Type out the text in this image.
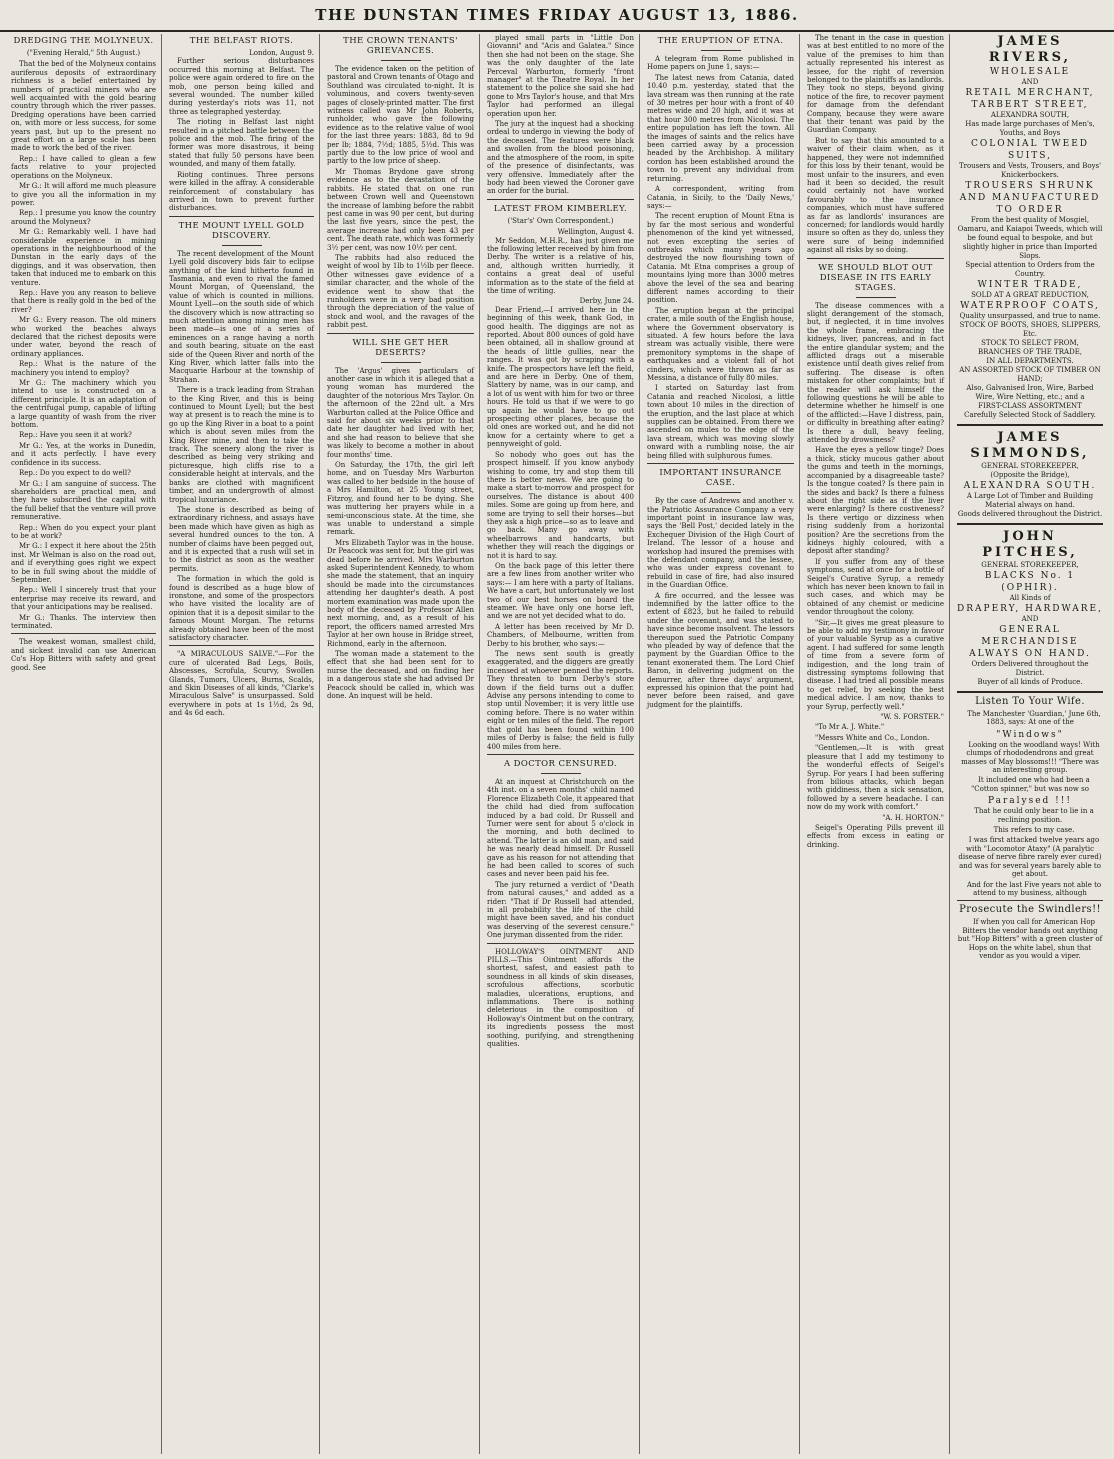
THE DUNSTAN TIMES FRIDAY AUGUST 13, 1886.
DREDGING THE MOLYNEUX.
("Evening Herald," 5th August.)

That the bed of the Molyneux contains auriferous deposits of extraordinary richness is a belief entertained by numbers of practical miners who are well acquainted with the gold bearing country through which the river passes. Dredging operations have been carried on, with more or less success, for some years past, but up to the present no great effort on a large scale has been made to work the bed of the river.

Rep.: I have called to glean a few facts relative to your projected operations on the Molyneux.

Mr G.: It will afford me much pleasure to give you all the information in my power.

Rep.: I presume you know the country around the Molyneux?

Mr G.: Remarkably well. I have had considerable experience in mining operations in the neighbourhood of the Dunstan in the early days of the diggings, and it was observation, then taken that induced me to embark on this venture.

Rep.: Have you any reason to believe that there is really gold in the bed of the river?

Mr G.: Every reason. The old miners who worked the beaches always declared that the richest deposits were under water, beyond the reach of ordinary appliances.

Rep.: What is the nature of the machinery you intend to employ?

Mr G.: The machinery which you intend to use is constructed on a different principle. It is an adaptation of the centrifugal pump, capable of lifting a large quantity of wash from the river bottom.

Rep.: Have you seen it at work?

Mr G.: Yes, at the works in Dunedin, and it acts perfectly. I have every confidence in its success.

Rep.: Do you expect to do well?

Mr G.: I am sanguine of success. The shareholders are practical men, and they have subscribed the capital with the full belief that the venture will prove remunerative.

Rep.: When do you expect your plant to be at work?

Mr G.: I expect it here about the 25th inst. Mr Welman is also on the road out, and if everything goes right we expect to be in full swing about the middle of September.

Rep.: Well I sincerely trust that your enterprise may receive its reward, and that your anticipations may be realised.

Mr G.: Thanks. The interview then terminated.

The weakest woman, smallest child, and sickest invalid can use American Co's Hop Bitters with safety and great good. See

THE BELFAST RIOTS.
London, August 9.

Further serious disturbances occurred this morning at Belfast. The police were again ordered to fire on the mob, one person being killed and several wounded. The number killed during yesterday's riots was 11, not three as telegraphed yesterday.

The rioting in Belfast last night resulted in a pitched battle between the police and the mob. The firing of the former was more disastrous, it being stated that fully 50 persons have been wounded, and many of them fatally.

Rioting continues. Three persons were killed in the affray. A considerable reinforcement of constabulary has arrived in town to prevent further disturbances.

THE MOUNT LYELL GOLD DISCOVERY.

The recent development of the Mount Lyell gold discovery bids fair to eclipse anything of the kind hitherto found in Tasmania, and even to rival the famed Mount Morgan, of Queensland, the value of which is counted in millions. Mount Lyell—on the south side of which the discovery which is now attracting so much attention among mining men has been made—is one of a series of eminences on a range having a north and south bearing, situate on the east side of the Queen River and north of the King River, which latter falls into the Macquarie Harbour at the township of Strahan.

There is a track leading from Strahan to the King River, and this is being continued to Mount Lyell; but the best way at present is to reach the mine is to go up the King River in a boat to a point which is about seven miles from the King River mine, and then to take the track. The scenery along the river is described as being very striking and picturesque, high cliffs rise to a considerable height at intervals, and the banks are clothed with magnificent timber, and an undergrowth of almost tropical luxuriance.

The stone is described as being of extraordinary richness, and assays have been made which have given as high as several hundred ounces to the ton. A number of claims have been pegged out, and it is expected that a rush will set in to the district as soon as the weather permits.

The formation in which the gold is found is described as a huge blow of ironstone, and some of the prospectors who have visited the locality are of opinion that it is a deposit similar to the famous Mount Morgan. The returns already obtained have been of the most satisfactory character.

"A MIRACULOUS SALVE."—For the cure of ulcerated Bad Legs, Boils, Abscesses, Scrofula, Scurvy, Swollen Glands, Tumors, Ulcers, Burns, Scalds, and Skin Diseases of all kinds, "Clarke's Miraculous Salve" is unsurpassed. Sold everywhere in pots at 1s 1½d, 2s 9d, and 4s 6d each.

THE CROWN TENANTS' GRIEVANCES.

The evidence taken on the petition of pastoral and Crown tenants of Otago and Southland was circulated to-night. It is voluminous, and covers twenty-seven pages of closely-printed matter. The first witness called was Mr John Roberts, runholder, who gave the following evidence as to the relative value of wool for the last three years: 1883, 8d to 9d per lb; 1884, 7½d; 1885, 5½d. This was partly due to the low price of wool and partly to the low price of sheep.

Mr Thomas Brydone gave strong evidence as to the devastation of the rabbits. He stated that on one run between Crown well and Queenstown the increase of lambing before the rabbit pest came in was 90 per cent, but during the last five years, since the pest, the average increase had only been 43 per cent. The death rate, which was formerly 3½ per cent, was now 10½ per cent.

The rabbits had also reduced the weight of wool by 1lb to 1½lb per fleece. Other witnesses gave evidence of a similar character, and the whole of the evidence went to show that the runholders were in a very bad position through the depreciation of the value of stock and wool, and the ravages of the rabbit pest.

WILL SHE GET HER DESERTS?

The 'Argus' gives particulars of another case in which it is alleged that a young woman has murdered the daughter of the notorious Mrs Taylor. On the afternoon of the 22nd ult. a Mrs Warburton called at the Police Office and said for about six weeks prior to that date her daughter had lived with her, and she had reason to believe that she was likely to become a mother in about four months' time.

On Saturday, the 17th, the girl left home, and on Tuesday Mrs Warburton was called to her bedside in the house of a Mrs Hamilton, at 25 Young street, Fitzroy, and found her to be dying. She was muttering her prayers while in a semi-unconscious state. At the time, she was unable to understand a simple remark.

Mrs Elizabeth Taylor was in the house. Dr Peacock was sent for, but the girl was dead before he arrived. Mrs Warburton asked Superintendent Kennedy, to whom she made the statement, that an inquiry should be made into the circumstances attending her daughter's death. A post mortem examination was made upon the body of the deceased by Professor Allen next morning, and, as a result of his report, the officers named arrested Mrs Taylor at her own house in Bridge street, Richmond, early in the afternoon.

The woman made a statement to the effect that she had been sent for to nurse the deceased, and on finding her in a dangerous state she had advised Dr Peacock should be called in, which was done. An inquest will be held.

played small parts in "Little Don Giovanni" and "Acis and Galatea." Since then she had not been on the stage. She was the only daughter of the late Perceval Warburton, formerly "front manager" at the Theatre Royal. In her statement to the police she said she had gone to Mrs Taylor's house, and that Mrs Taylor had performed an illegal operation upon her.

The jury at the inquest had a shocking ordeal to undergo in viewing the body of the deceased. The features were black and swollen from the blood poisoning, and the atmosphere of the room, in spite of the presence of disinfectants, was very offensive. Immediately after the body had been viewed the Coroner gave an order for the burial.

LATEST FROM KIMBERLEY.
('Star's' Own Correspondent.)
Wellington, August 4.

Mr Seddon, M.H.R., has just given me the following letter received by him from Derby. The writer is a relative of his, and, although written hurriedly, it contains a great deal of useful information as to the state of the field at the time of writing.

Derby, June 24.

Dear Friend,—I arrived here in the beginning of this week, thank God, in good health. The diggings are not as reported. About 800 ounces of gold have been obtained, all in shallow ground at the heads of little gullies, near the ranges. It was got by scraping with a knife. The prospectors have left the field, and are here in Derby. One of them, Slattery by name, was in our camp, and a lot of us went with him for two or three hours. He told us that if we were to go up again he would have to go out prospecting other places, because the old ones are worked out, and he did not know for a certainty where to get a pennyweight of gold.

So nobody who goes out has the prospect himself. If you know anybody wishing to come, try and stop them till there is better news. We are going to make a start to-morrow and prospect for ourselves. The distance is about 400 miles. Some are going up from here, and some are trying to sell their horses—but they ask a high price—so as to leave and go back. Many go away with wheelbarrows and handcarts, but whether they will reach the diggings or not it is hard to say.

On the back page of this letter there are a few lines from another writer who says:— I am here with a party of Italians. We have a cart, but unfortunately we lost two of our best horses on board the steamer. We have only one horse left, and we are not yet decided what to do.

A letter has been received by Mr D. Chambers, of Melbourne, written from Derby to his brother, who says:—

The news sent south is greatly exaggerated, and the diggers are greatly incensed at whoever penned the reports. They threaten to burn Derby's store down if the field turns out a duffer. Advise any persons intending to come to stop until November; it is very little use coming before. There is no water within eight or ten miles of the field. The report that gold has been found within 100 miles of Derby is false; the field is fully 400 miles from here.

A DOCTOR CENSURED.

At an inquest at Christchurch on the 4th inst. on a seven months' child named Florence Elizabeth Cole, it appeared that the child had died from suffocation induced by a bad cold. Dr Russell and Turner were sent for about 5 o'clock in the morning, and both declined to attend. The latter is an old man, and said he was nearly dead himself. Dr Russell gave as his reason for not attending that he had been called to scores of such cases and never been paid his fee.

The jury returned a verdict of "Death from natural causes," and added as a rider: "That if Dr Russell had attended, in all probability the life of the child might have been saved, and his conduct was deserving of the severest censure." One juryman dissented from the rider.

HOLLOWAY'S OINTMENT AND PILLS.—This Ointment affords the shortest, safest, and easiest path to soundness in all kinds of skin diseases, scrofulous affections, scorbutic maladies, ulcerations, eruptions, and inflammations. There is nothing deleterious in the composition of Holloway's Ointment but on the contrary, its ingredients possess the most soothing, purifying, and strengthening qualities.

THE ERUPTION OF ETNA.

A telegram from Rome published in Home papers on June 1, says:—

The latest news from Catania, dated 10.40 p.m. yesterday, stated that the lava stream was then running at the rate of 30 metres per hour with a front of 40 metres wide and 20 high, and it was at that hour 300 metres from Nicolosi. The entire population has left the town. All the images of saints and the relics have been carried away by a procession headed by the Archbishop. A military cordon has been established around the town to prevent any individual from returning.

A correspondent, writing from Catania, in Sicily, to the 'Daily News,' says:—

The recent eruption of Mount Etna is by far the most serious and wonderful phenomenon of the kind yet witnessed, not even excepting the series of outbreaks which many years ago destroyed the now flourishing town of Catania. Mt Etna comprises a group of mountains lying more than 3000 metres above the level of the sea and bearing different names according to their position.

The eruption began at the principal crater, a mile south of the English house, where the Government observatory is situated. A few hours before the lava stream was actually visible, there were premonitory symptoms in the shape of earthquakes and a violent fall of hot cinders, which were thrown as far as Messina, a distance of fully 80 miles.

I started on Saturday last from Catania and reached Nicolosi, a little town about 10 miles in the direction of the eruption, and the last place at which supplies can be obtained. From there we ascended on mules to the edge of the lava stream, which was moving slowly onward with a rumbling noise, the air being filled with sulphurous fumes.

IMPORTANT INSURANCE CASE.

By the case of Andrews and another v. the Patriotic Assurance Company a very important point in insurance law was, says the 'Bell Post,' decided lately in the Exchequer Division of the High Court of Ireland. The lessor of a house and workshop had insured the premises with the defendant company, and the lessee, who was under express covenant to rebuild in case of fire, had also insured in the Guardian Office.

A fire occurred, and the lessee was indemnified by the latter office to the extent of £823, but he failed to rebuild under the covenant, and was stated to have since become insolvent. The lessors thereupon sued the Patriotic Company who pleaded by way of defence that the payment by the Guardian Office to the tenant exonerated them. The Lord Chief Baron, in delivering judgment on the demurrer, after three days' argument, expressed his opinion that the point had never before been raised, and gave judgment for the plaintiffs.

The tenant in the case in question was at best entitled to no more of the value of the premises to him than actually represented his interest as lessee, for the right of reversion belonged to the plaintiffs as landlords. They took no steps, beyond giving notice of the fire, to recover payment for damage from the defendant Company, because they were aware that their tenant was paid by the Guardian Company.

But to say that this amounted to a waiver of their claim when, as it happened, they were not indemnified for this loss by their tenant, would be most unfair to the insurers, and even had it been so decided, the result could certainly not have worked favourably to the insurance companies, which must have suffered as far as landlords' insurances are concerned; for landlords would hardly insure so often as they do, unless they were sure of being indemnified against all risks by so doing.

WE SHOULD BLOT OUT DISEASE IN ITS EARLY STAGES.

The disease commences with a slight derangement of the stomach, but, if neglected, it in time involves the whole frame, embracing the kidneys, liver, pancreas, and in fact the entire glandular system; and the afflicted drags out a miserable existence until death gives relief from suffering. The disease is often mistaken for other complaints; but if the reader will ask himself the following questions he will be able to determine whether he himself is one of the afflicted:—Have I distress, pain, or difficulty in breathing after eating? Is there a dull, heavy feeling, attended by drowsiness?

Have the eyes a yellow tinge? Does a thick, sticky mucous gather about the gums and teeth in the mornings, accompanied by a disagreeable taste? Is the tongue coated? Is there pain in the sides and back? Is there a fulness about the right side as if the liver were enlarging? Is there costiveness? Is there vertigo or dizziness when rising suddenly from a horizontal position? Are the secretions from the kidneys highly coloured, with a deposit after standing?

If you suffer from any of these symptoms, send at once for a bottle of Seigel's Curative Syrup, a remedy which has never been known to fail in such cases, and which may be obtained of any chemist or medicine vendor throughout the colony.

"Sir,—It gives me great pleasure to be able to add my testimony in favour of your valuable Syrup as a curative agent. I had suffered for some length of time from a severe form of indigestion, and the long train of distressing symptoms following that disease. I had tried all possible means to get relief, by seeking the best medical advice. I am now, thanks to your Syrup, perfectly well."

"W. S. FORSTER."

"To Mr A. J. White."

"Messrs White and Co., London.

"Gentlemen,—It is with great pleasure that I add my testimony to the wonderful effects of Seigel's Syrup. For years I had been suffering from bilious attacks, which began with giddiness, then a sick sensation, followed by a severe headache. I can now do my work with comfort."

"A. H. HORTON."

Seigel's Operating Pills prevent ill effects from excess in eating or drinking.

JAMES RIVERS,
WHOLESALE
AND
RETAIL MERCHANT,
TARBERT STREET,
ALEXANDRA SOUTH,
Has made large purchases of Men's, Youths, and Boys
COLONIAL TWEED SUITS,
Trousers and Vests, Trousers, and Boys' Knickerbockers.
TROUSERS SHRUNK AND MANUFACTURED TO ORDER
From the best quality of Mosgiel, Oamaru, and Kaiapoi Tweeds, which will be found equal to bespoke, and but slightly higher in price than Imported Slops.
Special attention to Orders from the Country.
WINTER TRADE,
SOLD AT A GREAT REDUCTION,
WATERPROOF COATS,
Quality unsurpassed, and true to name.
STOCK OF BOOTS, SHOES, SLIPPERS, Etc.
STOCK TO SELECT FROM,
BRANCHES OF THE TRADE,
IN ALL DEPARTMENTS.
AN ASSORTED STOCK OF TIMBER ON HAND;
Also, Galvanised Iron, Wire, Barbed Wire, Wire Netting, etc.; and a
FIRST-CLASS ASSORTMENT
Carefully Selected Stock of Saddlery.
JAMES SIMMONDS,
GENERAL STOREKEEPER,
(Opposite the Bridge),
ALEXANDRA SOUTH.
A Large Lot of Timber and Building Material always on hand.
Goods delivered throughout the District.
JOHN PITCHES,
GENERAL STOREKEEPER,
BLACKS No. 1 (OPHIR).
All Kinds of
DRAPERY, HARDWARE,
AND
GENERAL MERCHANDISE
ALWAYS ON HAND.
Orders Delivered throughout the District.
Buyer of all kinds of Produce.
Listen To Your Wife.

The Manchester 'Guardian,' June 6th, 1883, says: At one of the

"Windows"

Looking on the woodland ways! With clumps of rhododendrons and great masses of May blossoms!!! "There was an interesting group.

It included one who had been a "Cotton spinner," but was now so

Paralysed !!!

That he could only bear to lie in a reclining position.

This refers to my case.

I was first attacked twelve years ago with "Locomotor Ataxy" (A paralytic disease of nerve fibre rarely ever cured) and was for several years barely able to get about.

And for the last Five years not able to attend to my business, although

Prosecute the Swindlers!!

If when you call for American Hop Bitters the vendor hands out anything but "Hop Bitters" with a green cluster of Hops on the white label, shun that vendor as you would a viper.
